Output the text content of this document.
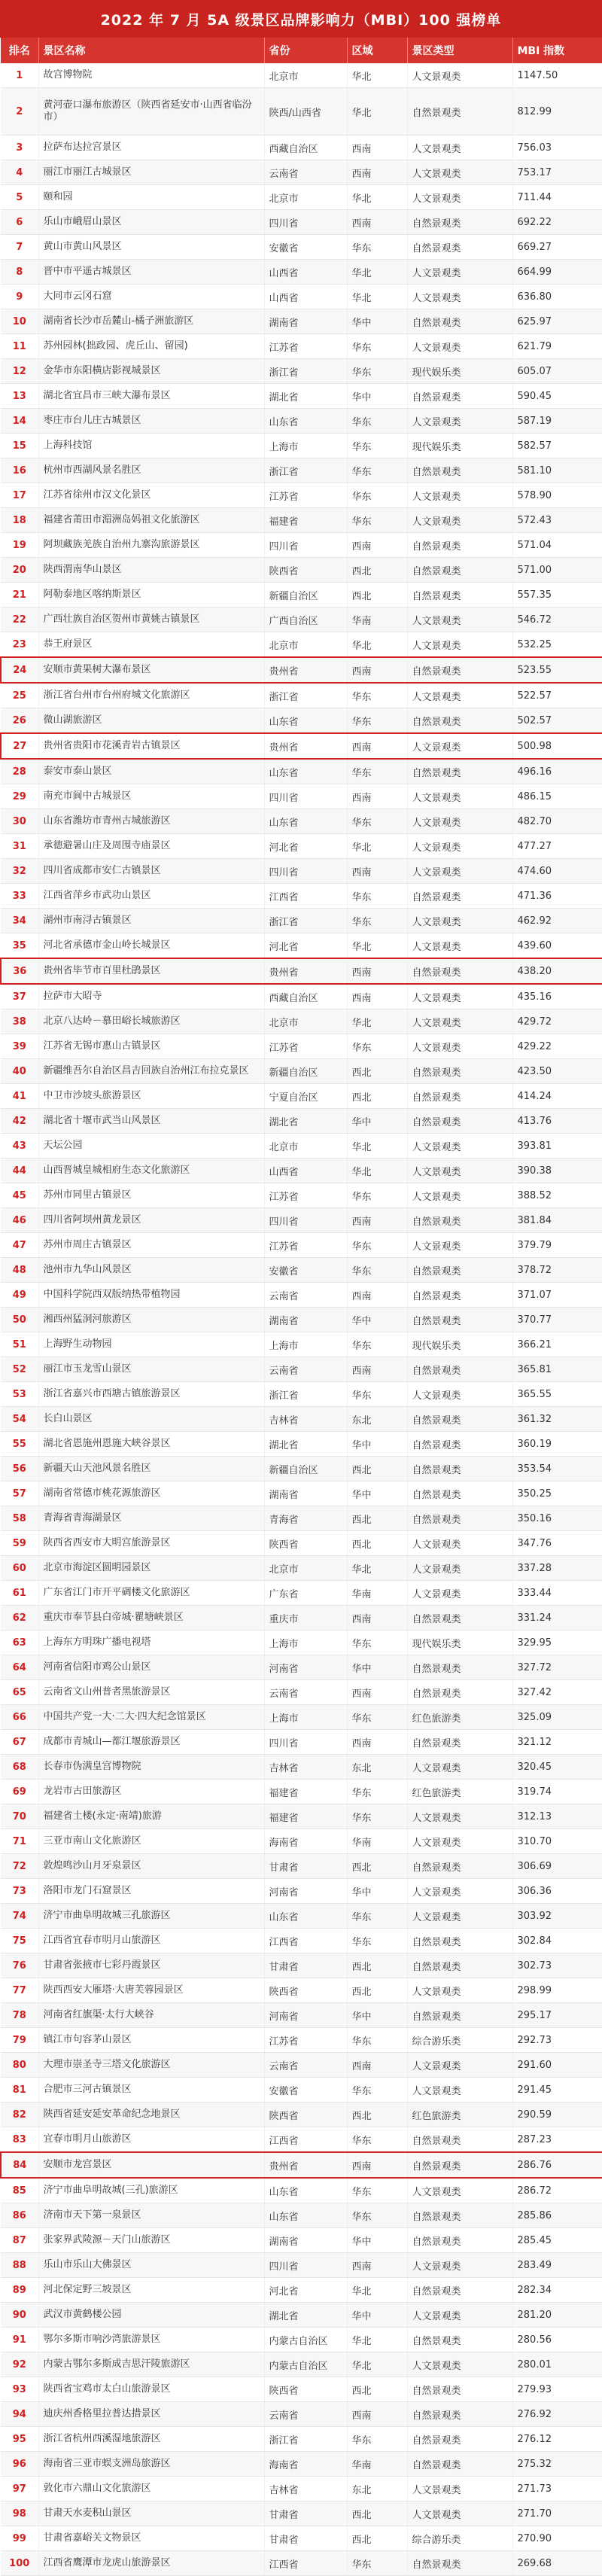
2022 年 7 月 5A 级景区品牌影响力（MBI）100 强榜单
排名	景区名称	省份	区域	景区类型	MBI 指数
1	故宫博物院	北京市	华北	人文景观类	1147.50
2	黄河壶口瀑布旅游区（陕西省延安市·山西省临汾市）	陕西/山西省	华北	自然景观类	812.99
3	拉萨布达拉宫景区	西藏自治区	西南	人文景观类	756.03
4	丽江市丽江古城景区	云南省	西南	人文景观类	753.17
5	颐和园	北京市	华北	人文景观类	711.44
6	乐山市峨眉山景区	四川省	西南	自然景观类	692.22
7	黄山市黄山风景区	安徽省	华东	自然景观类	669.27
8	晋中市平遥古城景区	山西省	华北	人文景观类	664.99
9	大同市云冈石窟	山西省	华北	人文景观类	636.80
10	湖南省长沙市岳麓山-橘子洲旅游区	湖南省	华中	自然景观类	625.97
11	苏州园林(拙政园、虎丘山、留园)	江苏省	华东	人文景观类	621.79
12	金华市东阳横店影视城景区	浙江省	华东	现代娱乐类	605.07
13	湖北省宜昌市三峡大瀑布景区	湖北省	华中	自然景观类	590.45
14	枣庄市台儿庄古城景区	山东省	华东	人文景观类	587.19
15	上海科技馆	上海市	华东	现代娱乐类	582.57
16	杭州市西湖风景名胜区	浙江省	华东	自然景观类	581.10
17	江苏省徐州市汉文化景区	江苏省	华东	人文景观类	578.90
18	福建省莆田市湄洲岛妈祖文化旅游区	福建省	华东	人文景观类	572.43
19	阿坝藏族羌族自治州九寨沟旅游景区	四川省	西南	自然景观类	571.04
20	陕西渭南华山景区	陕西省	西北	自然景观类	571.00
21	阿勒泰地区喀纳斯景区	新疆自治区	西北	自然景观类	557.35
22	广西壮族自治区贺州市黄姚古镇景区	广西自治区	华南	人文景观类	546.72
23	恭王府景区	北京市	华北	人文景观类	532.25
24	安顺市黄果树大瀑布景区	贵州省	西南	自然景观类	523.55
25	浙江省台州市台州府城文化旅游区	浙江省	华东	人文景观类	522.57
26	微山湖旅游区	山东省	华东	自然景观类	502.57
27	贵州省贵阳市花溪青岩古镇景区	贵州省	西南	人文景观类	500.98
28	泰安市泰山景区	山东省	华东	自然景观类	496.16
29	南充市阆中古城景区	四川省	西南	人文景观类	486.15
30	山东省潍坊市青州古城旅游区	山东省	华东	人文景观类	482.70
31	承德避暑山庄及周围寺庙景区	河北省	华北	人文景观类	477.27
32	四川省成都市安仁古镇景区	四川省	西南	人文景观类	474.60
33	江西省萍乡市武功山景区	江西省	华东	自然景观类	471.36
34	湖州市南浔古镇景区	浙江省	华东	人文景观类	462.92
35	河北省承德市金山岭长城景区	河北省	华北	人文景观类	439.60
36	贵州省毕节市百里杜鹃景区	贵州省	西南	自然景观类	438.20
37	拉萨市大昭寺	西藏自治区	西南	人文景观类	435.16
38	北京八达岭－慕田峪长城旅游区	北京市	华北	人文景观类	429.72
39	江苏省无锡市惠山古镇景区	江苏省	华东	人文景观类	429.22
40	新疆维吾尔自治区昌吉回族自治州江布拉克景区	新疆自治区	西北	自然景观类	423.50
41	中卫市沙坡头旅游景区	宁夏自治区	西北	自然景观类	414.24
42	湖北省十堰市武当山风景区	湖北省	华中	自然景观类	413.76
43	天坛公园	北京市	华北	人文景观类	393.81
44	山西晋城皇城相府生态文化旅游区	山西省	华北	人文景观类	390.38
45	苏州市同里古镇景区	江苏省	华东	人文景观类	388.52
46	四川省阿坝州黄龙景区	四川省	西南	自然景观类	381.84
47	苏州市周庄古镇景区	江苏省	华东	人文景观类	379.79
48	池州市九华山风景区	安徽省	华东	自然景观类	378.72
49	中国科学院西双版纳热带植物园	云南省	西南	自然景观类	371.07
50	湘西州猛洞河旅游区	湖南省	华中	自然景观类	370.77
51	上海野生动物园	上海市	华东	现代娱乐类	366.21
52	丽江市玉龙雪山景区	云南省	西南	自然景观类	365.81
53	浙江省嘉兴市西塘古镇旅游景区	浙江省	华东	人文景观类	365.55
54	长白山景区	吉林省	东北	自然景观类	361.32
55	湖北省恩施州恩施大峡谷景区	湖北省	华中	自然景观类	360.19
56	新疆天山天池风景名胜区	新疆自治区	西北	自然景观类	353.54
57	湖南省常德市桃花源旅游区	湖南省	华中	自然景观类	350.25
58	青海省青海湖景区	青海省	西北	自然景观类	350.16
59	陕西省西安市大明宫旅游景区	陕西省	西北	人文景观类	347.76
60	北京市海淀区圆明园景区	北京市	华北	人文景观类	337.28
61	广东省江门市开平碉楼文化旅游区	广东省	华南	人文景观类	333.44
62	重庆市奉节县白帝城·瞿塘峡景区	重庆市	西南	自然景观类	331.24
63	上海东方明珠广播电视塔	上海市	华东	现代娱乐类	329.95
64	河南省信阳市鸡公山景区	河南省	华中	自然景观类	327.72
65	云南省文山州普者黑旅游景区	云南省	西南	自然景观类	327.42
66	中国共产党一大·二大·四大纪念馆景区	上海市	华东	红色旅游类	325.09
67	成都市青城山—都江堰旅游景区	四川省	西南	自然景观类	321.12
68	长春市伪满皇宫博物院	吉林省	东北	人文景观类	320.45
69	龙岩市古田旅游区	福建省	华东	红色旅游类	319.74
70	福建省土楼(永定·南靖)旅游	福建省	华东	人文景观类	312.13
71	三亚市南山文化旅游区	海南省	华南	人文景观类	310.70
72	敦煌鸣沙山月牙泉景区	甘肃省	西北	自然景观类	306.69
73	洛阳市龙门石窟景区	河南省	华中	人文景观类	306.36
74	济宁市曲阜明故城三孔旅游区	山东省	华东	人文景观类	303.92
75	江西省宜春市明月山旅游区	江西省	华东	自然景观类	302.84
76	甘肃省张掖市七彩丹霞景区	甘肃省	西北	自然景观类	302.73
77	陕西西安大雁塔·大唐芙蓉园景区	陕西省	西北	人文景观类	298.99
78	河南省红旗渠·太行大峡谷	河南省	华中	自然景观类	295.17
79	镇江市句容茅山景区	江苏省	华东	综合游乐类	292.73
80	大理市崇圣寺三塔文化旅游区	云南省	西南	人文景观类	291.60
81	合肥市三河古镇景区	安徽省	华东	人文景观类	291.45
82	陕西省延安延安革命纪念地景区	陕西省	西北	红色旅游类	290.59
83	宜春市明月山旅游区	江西省	华东	自然景观类	287.23
84	安顺市龙宫景区	贵州省	西南	自然景观类	286.76
85	济宁市曲阜明故城(三孔)旅游区	山东省	华东	人文景观类	286.72
86	济南市天下第一泉景区	山东省	华东	自然景观类	285.86
87	张家界武陵源－天门山旅游区	湖南省	华中	自然景观类	285.45
88	乐山市乐山大佛景区	四川省	西南	人文景观类	283.49
89	河北保定野三坡景区	河北省	华北	自然景观类	282.34
90	武汉市黄鹤楼公园	湖北省	华中	人文景观类	281.20
91	鄂尔多斯市响沙湾旅游景区	内蒙古自治区	华北	自然景观类	280.56
92	内蒙古鄂尔多斯成吉思汗陵旅游区	内蒙古自治区	华北	人文景观类	280.01
93	陕西省宝鸡市太白山旅游景区	陕西省	西北	自然景观类	279.93
94	迪庆州香格里拉普达措景区	云南省	西南	自然景观类	276.92
95	浙江省杭州西溪湿地旅游区	浙江省	华东	自然景观类	276.12
96	海南省三亚市蜈支洲岛旅游区	海南省	华南	自然景观类	275.32
97	敦化市六鼎山文化旅游区	吉林省	东北	人文景观类	271.73
98	甘肃天水麦积山景区	甘肃省	西北	人文景观类	271.70
99	甘肃省嘉峪关文物景区	甘肃省	西北	综合游乐类	270.90
100	江西省鹰潭市龙虎山旅游景区	江西省	华东	自然景观类	269.68
